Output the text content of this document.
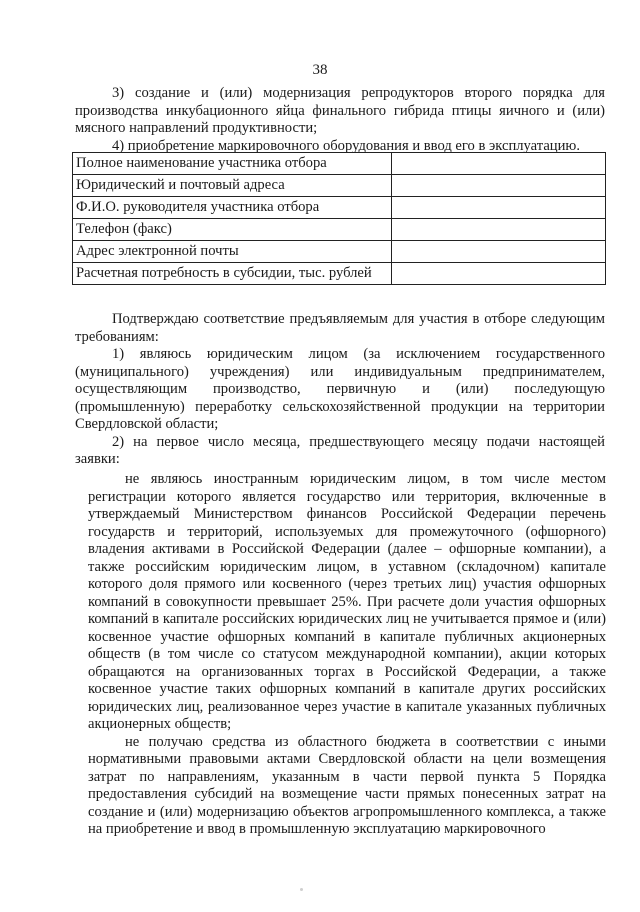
38

3) создание и (или) модернизация репродукторов второго порядка для производства инкубационного яйца финального гибрида птицы яичного и (или) мясного направлений продуктивности;

4) приобретение маркировочного оборудования и ввод его в эксплуатацию.

Полное наименование участника отбора	
Юридический и почтовый адреса	
Ф.И.О. руководителя участника отбора	
Телефон (факс)	
Адрес электронной почты	
Расчетная потребность в субсидии, тыс. рублей	

Подтверждаю соответствие предъявляемым для участия в отборе следующим требованиям:

1) являюсь юридическим лицом (за исключением государственного (муниципального) учреждения) или индивидуальным предпринимателем, осуществляющим производство, первичную и (или) последующую (промышленную) переработку сельскохозяйственной продукции на территории Свердловской области;

2) на первое число месяца, предшествующего месяцу подачи настоящей заявки:

не являюсь иностранным юридическим лицом, в том числе местом регистрации которого является государство или территория, включенные в утверждаемый Министерством финансов Российской Федерации перечень государств и территорий, используемых для промежуточного (офшорного) владения активами в Российской Федерации (далее – офшорные компании), а также российским юридическим лицом, в уставном (складочном) капитале которого доля прямого или косвенного (через третьих лиц) участия офшорных компаний в совокупности превышает 25%. При расчете доли участия офшорных компаний в капитале российских юридических лиц не учитывается прямое и (или) косвенное участие офшорных компаний в капитале публичных акционерных обществ (в том числе со статусом международной компании), акции которых обращаются на организованных торгах в Российской Федерации, а также косвенное участие таких офшорных компаний в капитале других российских юридических лиц, реализованное через участие в капитале указанных публичных акционерных обществ;

не получаю средства из областного бюджета в соответствии с иными нормативными правовыми актами Свердловской области на цели возмещения затрат по направлениям, указанным в части первой пункта 5 Порядка предоставления субсидий на возмещение части прямых понесенных затрат на создание и (или) модернизацию объектов агропромышленного комплекса, а также на приобретение и ввод в промышленную эксплуатацию маркировочного
